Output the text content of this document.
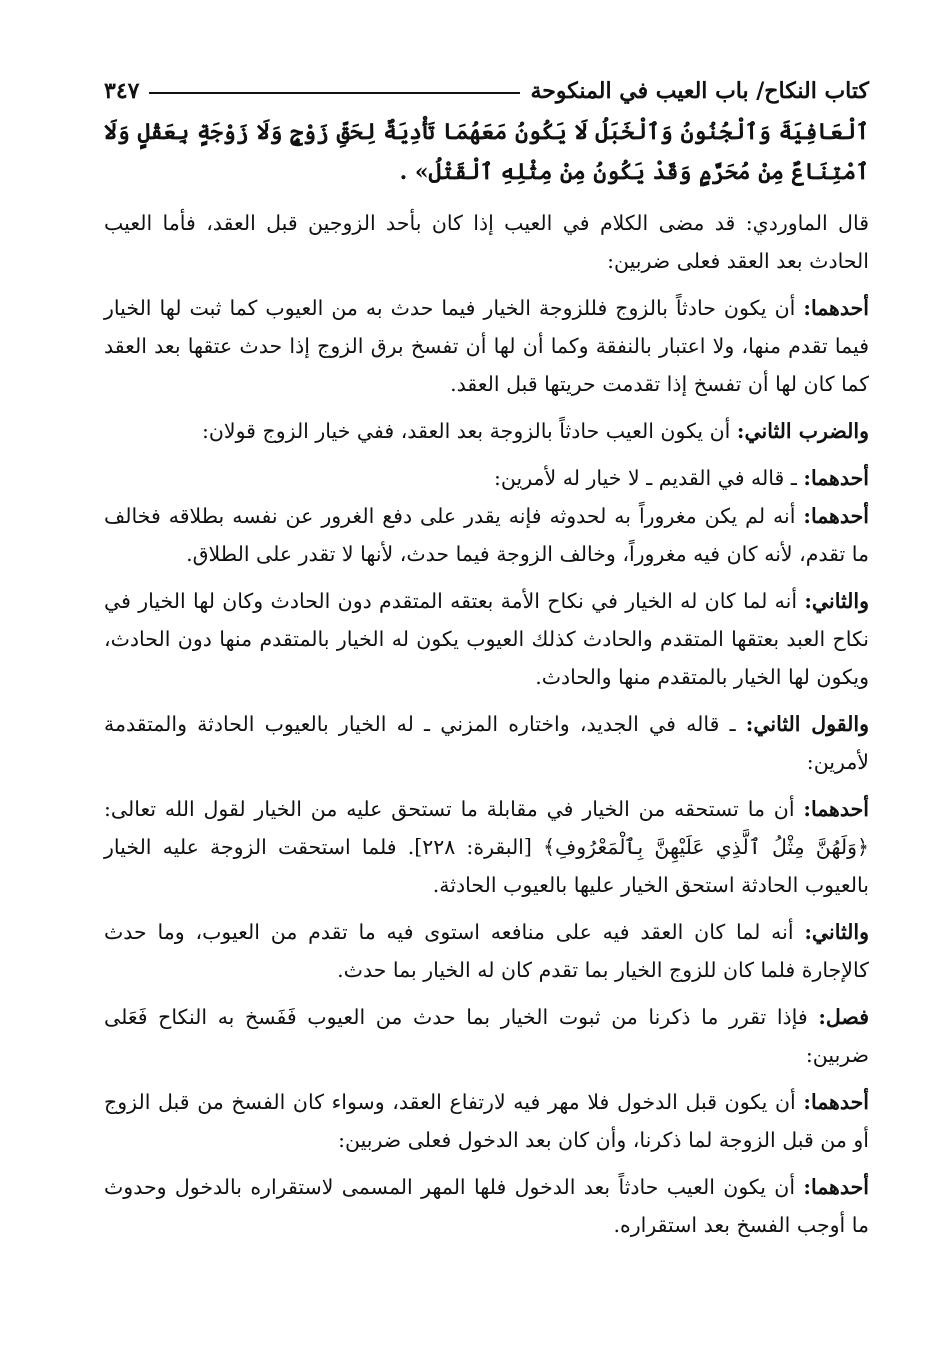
كتاب النكاح/ باب العيب في المنكوحة
٣٤٧

ٱلْعَافِيَةَ وَٱلْجُنُونُ وَٱلْخَبَلُ لَا يَكُونُ مَعَهُمَا تَأْدِيَةٌ لِحَقِّ زَوْجٍ وَلَا زَوْجَةٍ بِعَقْلٍ وَلَا ٱمْتِنَاعٌ مِنْ مُحَرَّمٍ وَقَدْ يَكُونُ مِنْ مِثْلِهِ ٱلْقَتْلُ» .

قال الماوردي: قد مضى الكلام في العيب إذا كان بأحد الزوجين قبل العقد، فأما العيب الحادث بعد العقد فعلى ضربين:

أحدهما: أن يكون حادثاً بالزوج فللزوجة الخيار فيما حدث به من العيوب كما ثبت لها الخيار فيما تقدم منها، ولا اعتبار بالنفقة وكما أن لها أن تفسخ برق الزوج إذا حدث عتقها بعد العقد كما كان لها أن تفسخ إذا تقدمت حريتها قبل العقد.

والضرب الثاني: أن يكون العيب حادثاً بالزوجة بعد العقد، ففي خيار الزوج قولان:

أحدهما: ـ قاله في القديم ـ لا خيار له لأمرين:

أحدهما: أنه لم يكن مغروراً به لحدوثه فإنه يقدر على دفع الغرور عن نفسه بطلاقه فخالف ما تقدم، لأنه كان فيه مغروراً، وخالف الزوجة فيما حدث، لأنها لا تقدر على الطلاق.

والثاني: أنه لما كان له الخيار في نكاح الأمة بعتقه المتقدم دون الحادث وكان لها الخيار في نكاح العبد بعتقها المتقدم والحادث كذلك العيوب يكون له الخيار بالمتقدم منها دون الحادث، ويكون لها الخيار بالمتقدم منها والحادث.

والقول الثاني: ـ قاله في الجديد، واختاره المزني ـ له الخيار بالعيوب الحادثة والمتقدمة لأمرين:

أحدهما: أن ما تستحقه من الخيار في مقابلة ما تستحق عليه من الخيار لقول الله تعالى: ﴿وَلَهُنَّ مِثْلُ ٱلَّذِي عَلَيْهِنَّ بِٱلْمَعْرُوفِ﴾ [البقرة: ٢٢٨]. فلما استحقت الزوجة عليه الخيار بالعيوب الحادثة استحق الخيار عليها بالعيوب الحادثة.

والثاني: أنه لما كان العقد فيه على منافعه استوى فيه ما تقدم من العيوب، وما حدث كالإجارة فلما كان للزوج الخيار بما تقدم كان له الخيار بما حدث.

فصل: فإذا تقرر ما ذكرنا من ثبوت الخيار بما حدث من العيوب فَفَسخ به النكاح فَعَلى ضربين:

أحدهما: أن يكون قبل الدخول فلا مهر فيه لارتفاع العقد، وسواء كان الفسخ من قبل الزوج أو من قبل الزوجة لما ذكرنا، وأن كان بعد الدخول فعلى ضربين:

أحدهما: أن يكون العيب حادثاً بعد الدخول فلها المهر المسمى لاستقراره بالدخول وحدوث ما أوجب الفسخ بعد استقراره.
